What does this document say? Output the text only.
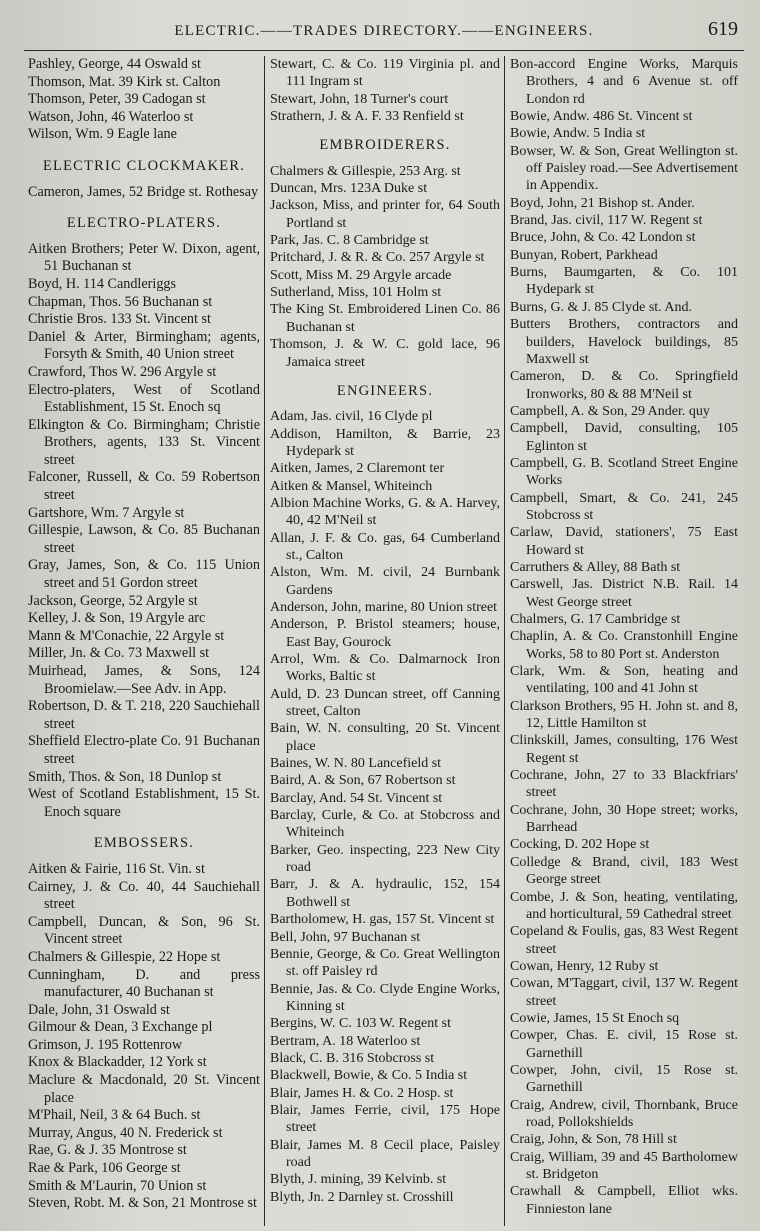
ELECTRIC.——TRADES DIRECTORY.——ENGINEERS.	619
Pashley, George, 44 Oswald st
Thomson, Mat. 39 Kirk st. Calton
Thomson, Peter, 39 Cadogan st
Watson, John, 46 Waterloo st
Wilson, Wm. 9 Eagle lane
ELECTRIC CLOCKMAKER.
Cameron, James, 52 Bridge st. Rothesay
ELECTRO-PLATERS.
Aitken Brothers; Peter W. Dixon, agent, 51 Buchanan st
Boyd, H. 114 Candleriggs
Chapman, Thos. 56 Buchanan st
Christie Bros. 133 St. Vincent st
Daniel & Arter, Birmingham; agents, Forsyth & Smith, 40 Union street
Crawford, Thos W. 296 Argyle st
Electro-platers, West of Scotland Establishment, 15 St. Enoch sq
Elkington & Co. Birmingham; Christie Brothers, agents, 133 St. Vincent street
Falconer, Russell, & Co. 59 Robertson street
Gartshore, Wm. 7 Argyle st
Gillespie, Lawson, & Co. 85 Buchanan street
Gray, James, Son, & Co. 115 Union street and 51 Gordon street
Jackson, George, 52 Argyle st
Kelley, J. & Son, 19 Argyle arc
Mann & M'Conachie, 22 Argyle st
Miller, Jn. & Co. 73 Maxwell st
Muirhead, James, & Sons, 124 Broomielaw.—See Adv. in App.
Robertson, D. & T. 218, 220 Sauchiehall street
Sheffield Electro-plate Co. 91 Buchanan street
Smith, Thos. & Son, 18 Dunlop st
West of Scotland Establishment, 15 St. Enoch square
EMBOSSERS.
Aitken & Fairie, 116 St. Vin. st
Cairney, J. & Co. 40, 44 Sauchiehall street
Campbell, Duncan, & Son, 96 St. Vincent street
Chalmers & Gillespie, 22 Hope st
Cunningham, D. and press manufacturer, 40 Buchanan st
Dale, John, 31 Oswald st
Gilmour & Dean, 3 Exchange pl
Grimson, J. 195 Rottenrow
Knox & Blackadder, 12 York st
Maclure & Macdonald, 20 St. Vincent place
M'Phail, Neil, 3 & 64 Buch. st
Murray, Angus, 40 N. Frederick st
Rae, G. & J. 35 Montrose st
Rae & Park, 106 George st
Smith & M'Laurin, 70 Union st
Steven, Robt. M. & Son, 21 Montrose st
Stewart, C. & Co. 119 Virginia pl. and 111 Ingram st
Stewart, John, 18 Turner's court
Strathern, J. & A. F. 33 Renfield st
EMBROIDERERS.
Chalmers & Gillespie, 253 Arg. st
Duncan, Mrs. 123A Duke st
Jackson, Miss, and printer for, 64 South Portland st
Park, Jas. C. 8 Cambridge st
Pritchard, J. & R. & Co. 257 Argyle st
Scott, Miss M. 29 Argyle arcade
Sutherland, Miss, 101 Holm st
The King St. Embroidered Linen Co. 86 Buchanan st
Thomson, J. & W. C. gold lace, 96 Jamaica street
ENGINEERS.
Adam, Jas. civil, 16 Clyde pl
Addison, Hamilton, & Barrie, 23 Hydepark st
Aitken, James, 2 Claremont ter
Aitken & Mansel, Whiteinch
Albion Machine Works, G. & A. Harvey, 40, 42 M'Neil st
Allan, J. F. & Co. gas, 64 Cumberland st., Calton
Alston, Wm. M. civil, 24 Burnbank Gardens
Anderson, John, marine, 80 Union street
Anderson, P. Bristol steamers; house, East Bay, Gourock
Arrol, Wm. & Co. Dalmarnock Iron Works, Baltic st
Auld, D. 23 Duncan street, off Canning street, Calton
Bain, W. N. consulting, 20 St. Vincent place
Baines, W. N. 80 Lancefield st
Baird, A. & Son, 67 Robertson st
Barclay, And. 54 St. Vincent st
Barclay, Curle, & Co. at Stobcross and Whiteinch
Barker, Geo. inspecting, 223 New City road
Barr, J. & A. hydraulic, 152, 154 Bothwell st
Bartholomew, H. gas, 157 St. Vincent st
Bell, John, 97 Buchanan st
Bennie, George, & Co. Great Wellington st. off Paisley rd
Bennie, Jas. & Co. Clyde Engine Works, Kinning st
Bergins, W. C. 103 W. Regent st
Bertram, A. 18 Waterloo st
Black, C. B. 316 Stobcross st
Blackwell, Bowie, & Co. 5 India st
Blair, James H. & Co. 2 Hosp. st
Blair, James Ferrie, civil, 175 Hope street
Blair, James M. 8 Cecil place, Paisley road
Blyth, J. mining, 39 Kelvinb. st
Blyth, Jn. 2 Darnley st. Crosshill
Bon-accord Engine Works, Marquis Brothers, 4 and 6 Avenue st. off London rd
Bowie, Andw. 486 St. Vincent st
Bowie, Andw. 5 India st
Bowser, W. & Son, Great Wellington st. off Paisley road.—See Advertisement in Appendix.
Boyd, John, 21 Bishop st. Ander.
Brand, Jas. civil, 117 W. Regent st
Bruce, John, & Co. 42 London st
Bunyan, Robert, Parkhead
Burns, Baumgarten, & Co. 101 Hydepark st
Burns, G. & J. 85 Clyde st. And.
Butters Brothers, contractors and builders, Havelock buildings, 85 Maxwell st
Cameron, D. & Co. Springfield Ironworks, 80 & 88 M'Neil st
Campbell, A. & Son, 29 Ander. quy
Campbell, David, consulting, 105 Eglinton st
Campbell, G. B. Scotland Street Engine Works
Campbell, Smart, & Co. 241, 245 Stobcross st
Carlaw, David, stationers', 75 East Howard st
Carruthers & Alley, 88 Bath st
Carswell, Jas. District N.B. Rail. 14 West George street
Chalmers, G. 17 Cambridge st
Chaplin, A. & Co. Cranstonhill Engine Works, 58 to 80 Port st. Anderston
Clark, Wm. & Son, heating and ventilating, 100 and 41 John st
Clarkson Brothers, 95 H. John st. and 8, 12, Little Hamilton st
Clinkskill, James, consulting, 176 West Regent st
Cochrane, John, 27 to 33 Blackfriars' street
Cochrane, John, 30 Hope street; works, Barrhead
Cocking, D. 202 Hope st
Colledge & Brand, civil, 183 West George street
Combe, J. & Son, heating, ventilating, and horticultural, 59 Cathedral street
Copeland & Foulis, gas, 83 West Regent street
Cowan, Henry, 12 Ruby st
Cowan, M'Taggart, civil, 137 W. Regent street
Cowie, James, 15 St Enoch sq
Cowper, Chas. E. civil, 15 Rose st. Garnethill
Cowper, John, civil, 15 Rose st. Garnethill
Craig, Andrew, civil, Thornbank, Bruce road, Pollokshields
Craig, John, & Son, 78 Hill st
Craig, William, 39 and 45 Bartholomew st. Bridgeton
Crawhall & Campbell, Elliot wks. Finnieston lane
